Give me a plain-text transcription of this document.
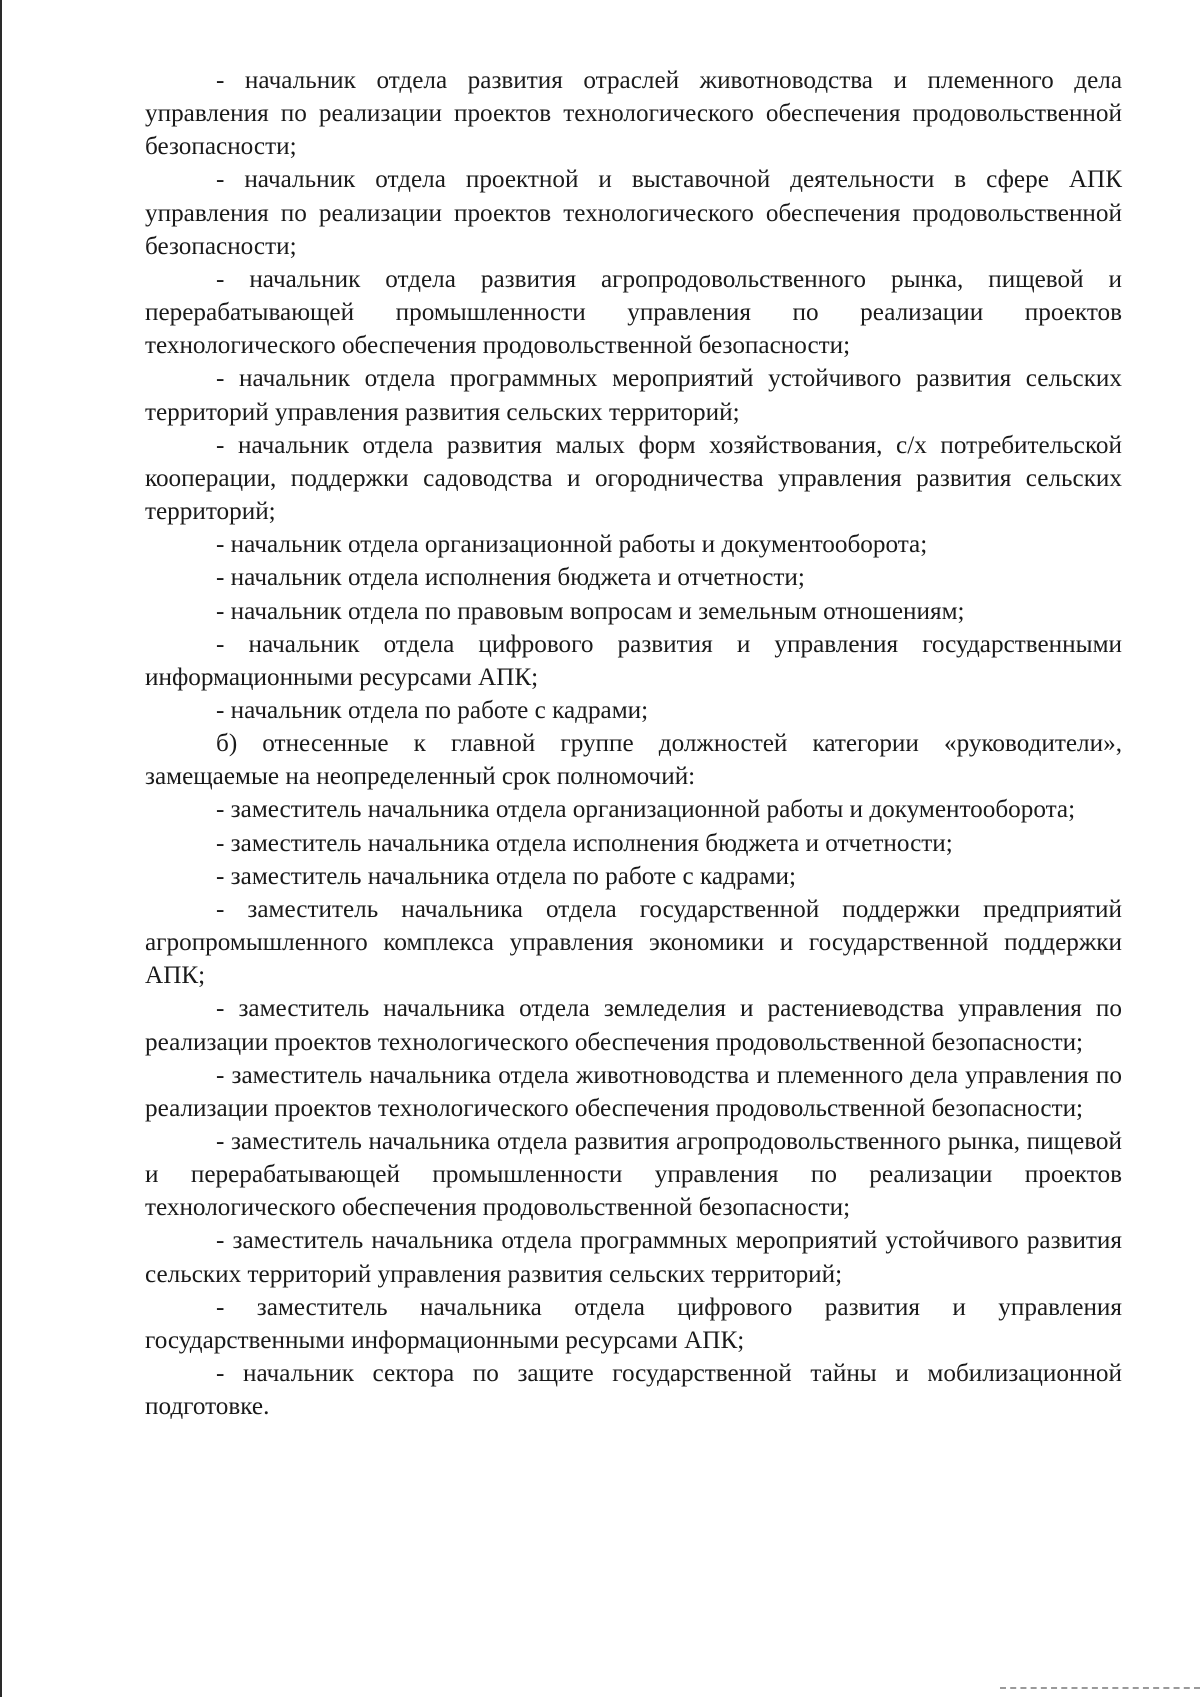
- начальник отдела развития отраслей животноводства и племенного дела управления по реализации проектов технологического обеспечения продовольственной безопасности;

- начальник отдела проектной и выставочной деятельности в сфере АПК управления по реализации проектов технологического обеспечения продовольственной безопасности;

- начальник отдела развития агропродовольственного рынка, пищевой и перерабатывающей промышленности управления по реализации проектов технологического обеспечения продовольственной безопасности;

- начальник отдела программных мероприятий устойчивого развития сельских территорий управления развития сельских территорий;

- начальник отдела развития малых форм хозяйствования, с/х потребительской кооперации, поддержки садоводства и огородничества управления развития сельских территорий;

- начальник отдела организационной работы и документооборота;

- начальник отдела исполнения бюджета и отчетности;

- начальник отдела по правовым вопросам и земельным отношениям;

- начальник отдела цифрового развития и управления государственными информационными ресурсами АПК;

- начальник отдела по работе с кадрами;

б) отнесенные к главной группе должностей категории «руководители», замещаемые на неопределенный срок полномочий:

- заместитель начальника отдела организационной работы и документооборота;

- заместитель начальника отдела исполнения бюджета и отчетности;

- заместитель начальника отдела по работе с кадрами;

- заместитель начальника отдела государственной поддержки предприятий агропромышленного комплекса управления экономики и государственной поддержки АПК;

- заместитель начальника отдела земледелия и растениеводства управления по реализации проектов технологического обеспечения продовольственной безопасности;

- заместитель начальника отдела животноводства и племенного дела управления по реализации проектов технологического обеспечения продовольственной безопасности;

- заместитель начальника отдела развития агропродовольственного рынка, пищевой и перерабатывающей промышленности управления по реализации проектов технологического обеспечения продовольственной безопасности;

- заместитель начальника отдела программных мероприятий устойчивого развития сельских территорий управления развития сельских территорий;

- заместитель начальника отдела цифрового развития и управления государственными информационными ресурсами АПК;

- начальник сектора по защите государственной тайны и мобилизационной подготовке.
